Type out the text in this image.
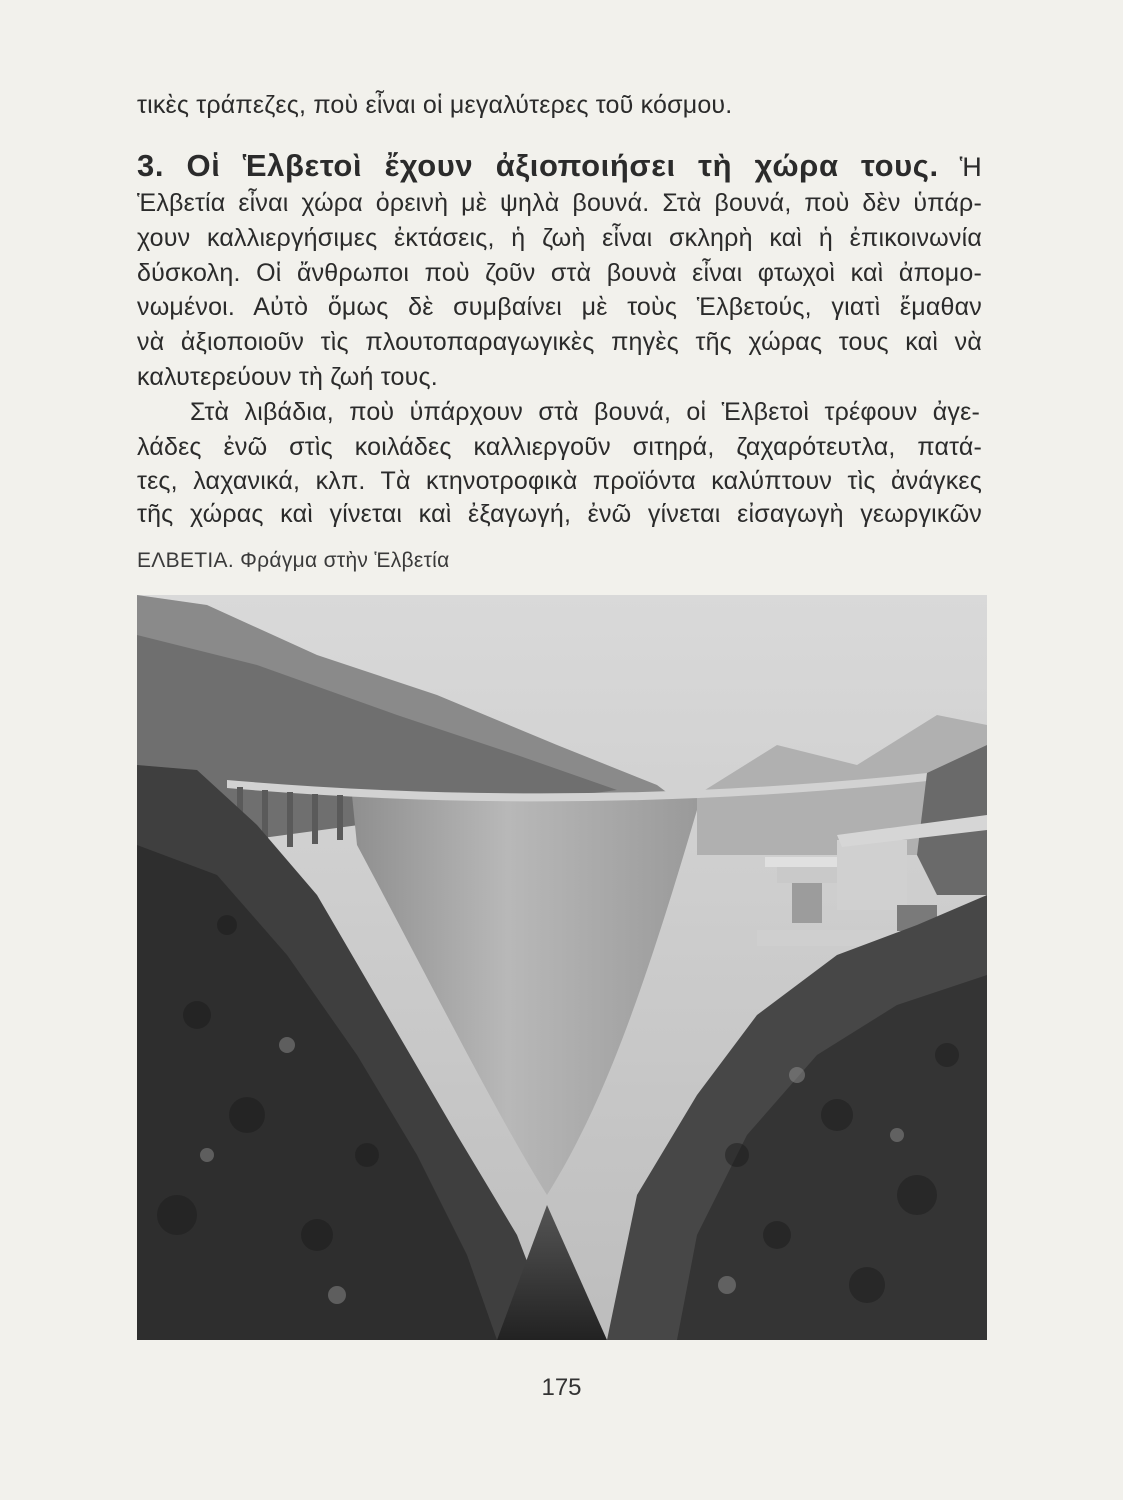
τικὲς τράπεζες, ποὺ εἶναι οἱ μεγαλύτερες τοῦ κόσμου.
3. Οἱ Ἑλβετοὶ ἔχουν ἀξιοποιήσει τὴ χώρα τους. Ἡ
Ἑλβετία εἶναι χώρα ὀρεινὴ μὲ ψηλὰ βουνά. Στὰ βουνά, ποὺ δὲν ὑπάρ-
χουν καλλιεργήσιμες ἐκτάσεις, ἡ ζωὴ εἶναι σκληρὴ καὶ ἡ ἐπικοινωνία
δύσκολη. Οἱ ἄνθρωποι ποὺ ζοῦν στὰ βουνὰ εἶναι φτωχοὶ καὶ ἀπομο-
νωμένοι. Αὐτὸ ὅμως δὲ συμβαίνει μὲ τοὺς Ἑλβετούς, γιατὶ ἔμαθαν
νὰ ἀξιοποιοῦν τὶς πλουτοπαραγωγικὲς πηγὲς τῆς χώρας τους καὶ νὰ
καλυτερεύουν τὴ ζωή τους.
Στὰ λιβάδια, ποὺ ὑπάρχουν στὰ βουνά, οἱ Ἑλβετοὶ τρέφουν ἀγε-
λάδες ἐνῶ στὶς κοιλάδες καλλιεργοῦν σιτηρά, ζαχαρότευτλα, πατά-
τες, λαχανικά, κλπ. Τὰ κτηνοτροφικὰ προϊόντα καλύπτουν τὶς ἀνάγκες
τῆς χώρας καὶ γίνεται καὶ ἐξαγωγή, ἐνῶ γίνεται εἰσαγωγὴ γεωργικῶν
ΕΛΒΕΤΙΑ. Φράγμα στὴν Ἑλβετία
175
